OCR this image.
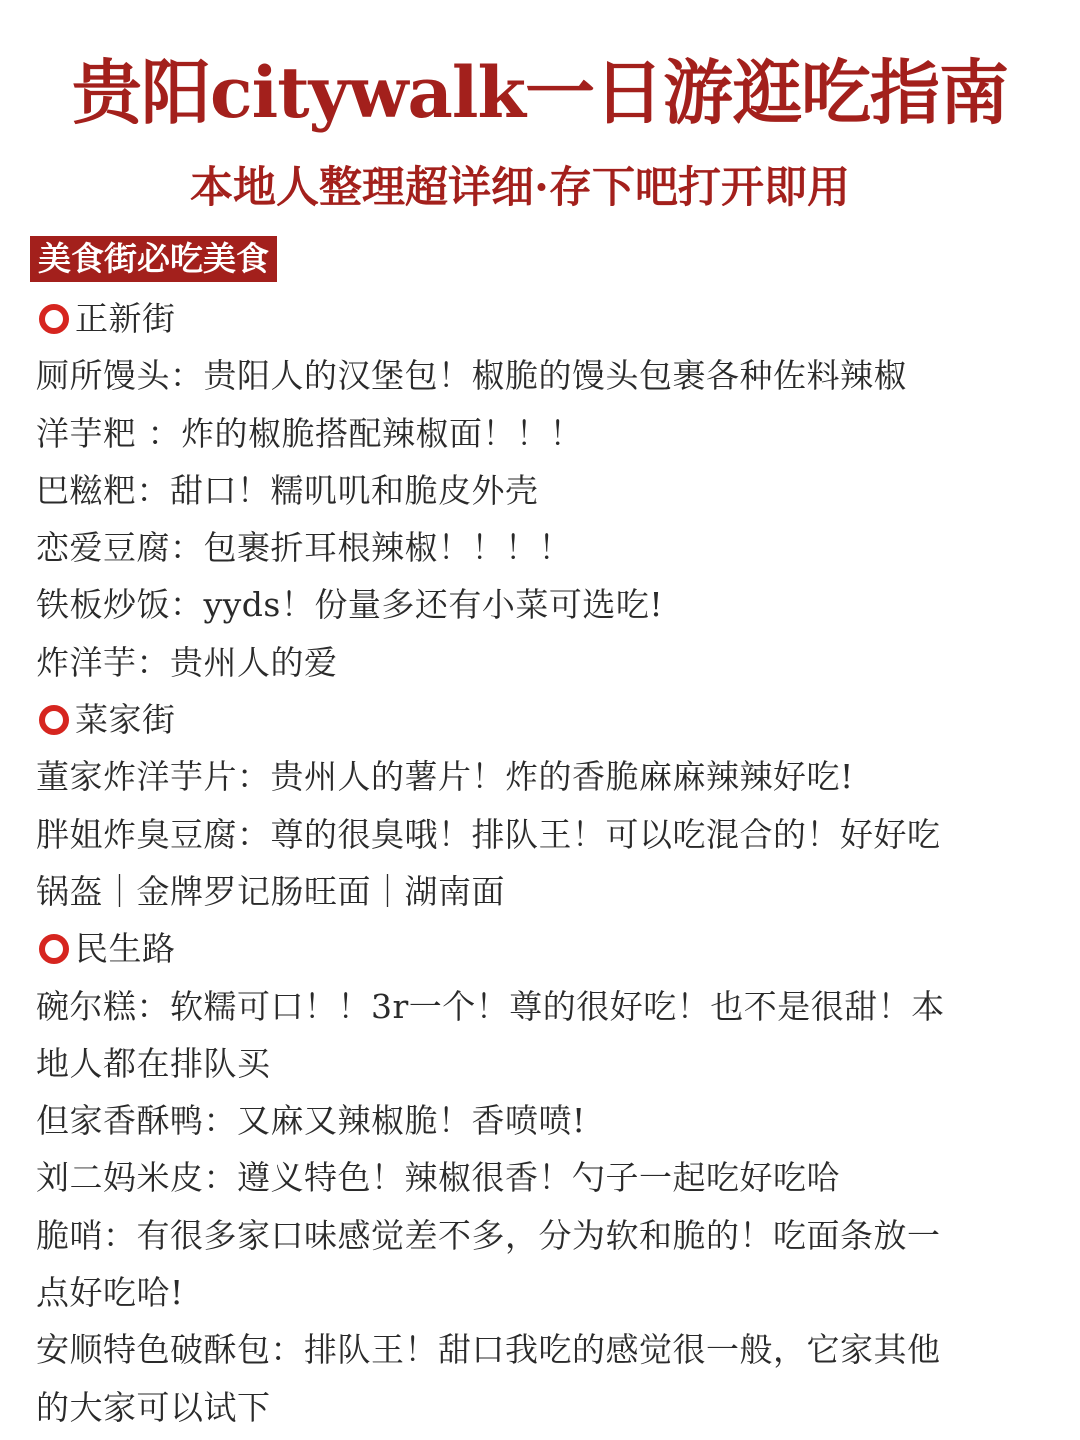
贵阳citywalk一日游逛吃指南
本地人整理超详细·存下吧打开即用
美食街必吃美食
正新街
厕所馒头：贵阳人的汉堡包！椒脆的馒头包裹各种佐料辣椒
洋芋粑 ：炸的椒脆搭配辣椒面！！！
巴糍粑：甜口！糯叽叽和脆皮外壳
恋爱豆腐：包裹折耳根辣椒！！！！
铁板炒饭：yyds！份量多还有小菜可选吃!
炸洋芋：贵州人的爱
菜家街
董家炸洋芋片：贵州人的薯片！炸的香脆麻麻辣辣好吃!
胖姐炸臭豆腐：尊的很臭哦！排队王！可以吃混合的！好好吃
锅盔｜金牌罗记肠旺面｜湖南面
民生路
碗尔糕：软糯可口！！3r一个！尊的很好吃！也不是很甜！本
地人都在排队买
但家香酥鸭：又麻又辣椒脆！香喷喷!
刘二妈米皮：遵义特色！辣椒很香！勺子一起吃好吃哈
脆哨：有很多家口味感觉差不多，分为软和脆的！吃面条放一
点好吃哈!
安顺特色破酥包：排队王！甜口我吃的感觉很一般，它家其他
的大家可以试下
